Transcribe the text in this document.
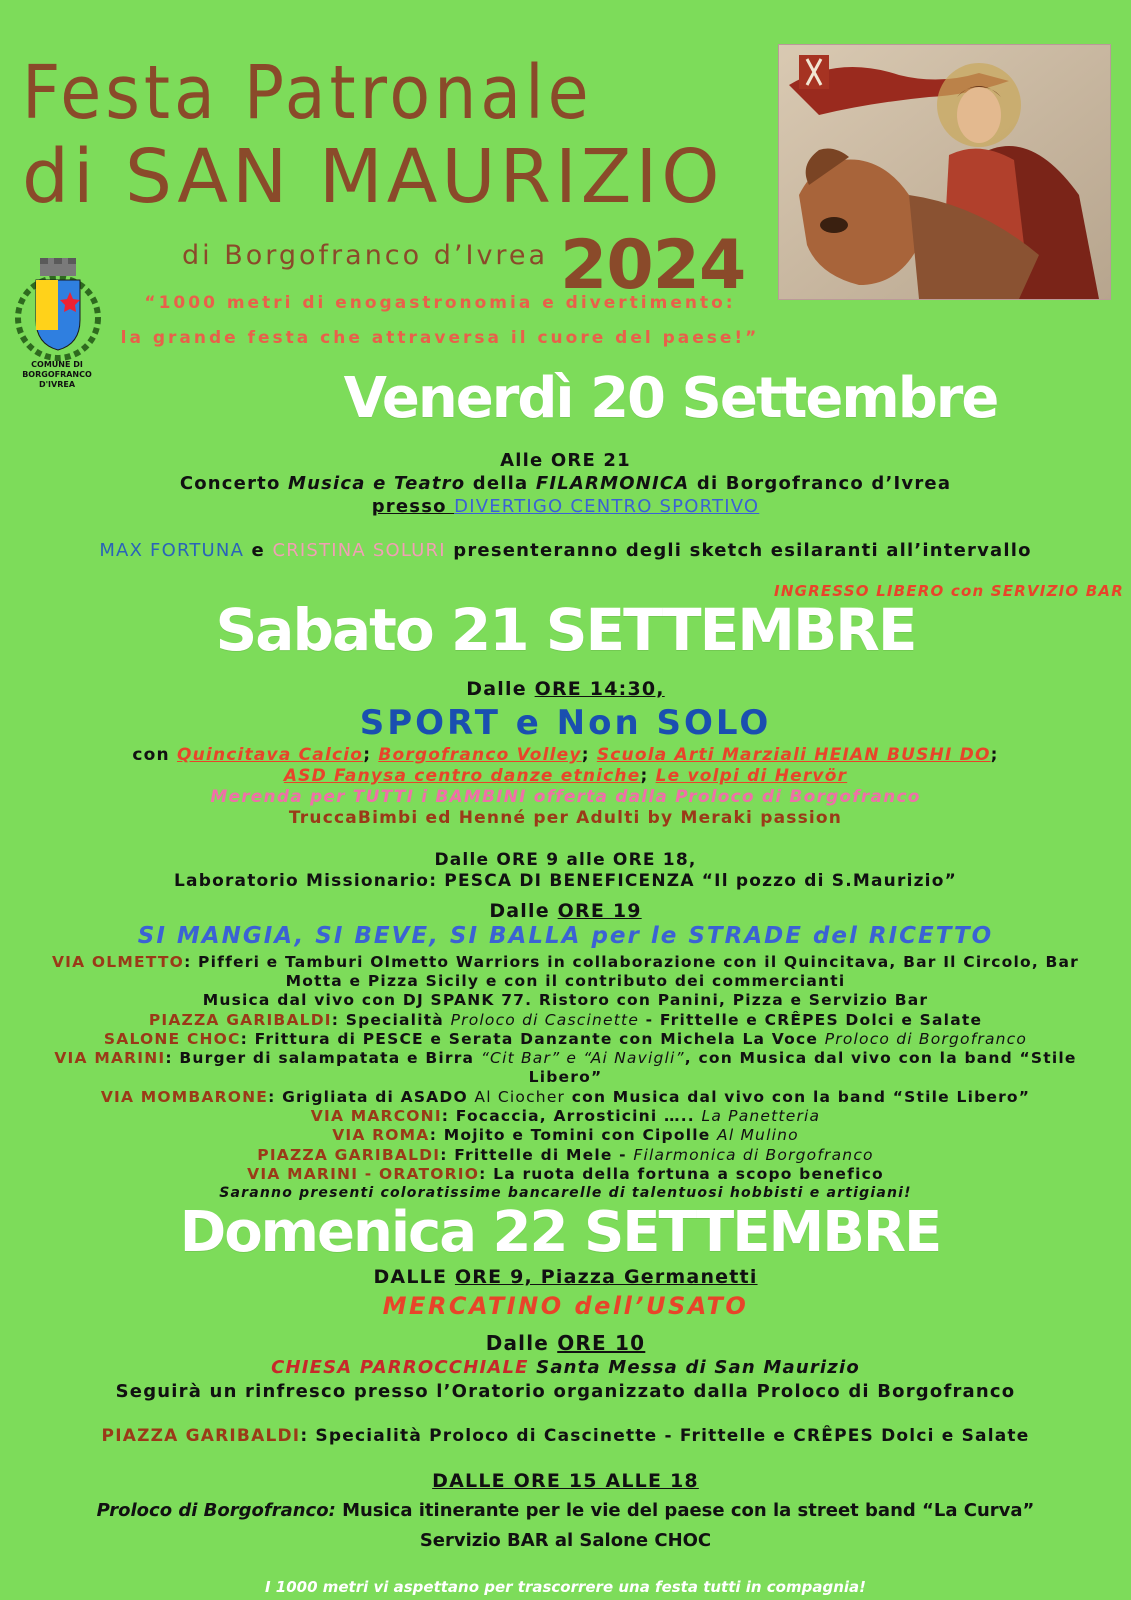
Festa Patronale
di SAN MAURIZIO
di Borgofranco d’Ivrea 2024
“1000 metri di enogastronomia e divertimento:
la grande festa che attraversa il cuore del paese!”
COMUNE DI
BORGOFRANCO D'IVREA	Venerdì 20 Settembre
Alle ORE 21
Concerto Musica e Teatro della FILARMONICA di Borgofranco d’Ivrea
presso DIVERTIGO CENTRO SPORTIVO
MAX FORTUNA e CRISTINA SOLURI presenteranno degli sketch esilaranti all’intervallo
INGRESSO LIBERO con SERVIZIO BAR
Sabato 21 SETTEMBRE
Dalle ORE 14:30,
SPORT e Non SOLO
con Quincitava Calcio; Borgofranco Volley; Scuola Arti Marziali HEIAN BUSHI DO;
ASD Fanysa centro danze etniche; Le volpi di Hervör
Merenda per TUTTI i BAMBINI offerta dalla Proloco di Borgofranco
TruccaBimbi ed Henné per Adulti by Meraki passion
Dalle ORE 9 alle ORE 18,
Laboratorio Missionario: PESCA DI BENEFICENZA “Il pozzo di S.Maurizio”
Dalle ORE 19
SI MANGIA, SI BEVE, SI BALLA per le STRADE del RICETTO
VIA OLMETTO: Pifferi e Tamburi Olmetto Warriors in collaborazione con il Quincitava, Bar Il Circolo, Bar
Motta e Pizza Sicily e con il contributo dei commercianti
Musica dal vivo con DJ SPANK 77. Ristoro con Panini, Pizza e Servizio Bar
PIAZZA GARIBALDI: Specialità Proloco di Cascinette - Frittelle e CRÊPES Dolci e Salate
SALONE CHOC: Frittura di PESCE e Serata Danzante con Michela La Voce Proloco di Borgofranco
VIA MARINI: Burger di salampatata e Birra “Cit Bar” e “Ai Navigli”, con Musica dal vivo con la band “Stile
Libero”
VIA MOMBARONE: Grigliata di ASADO Al Ciocher con Musica dal vivo con la band “Stile Libero”
VIA MARCONI: Focaccia, Arrosticini ….. La Panetteria
VIA ROMA: Mojito e Tomini con Cipolle Al Mulino
PIAZZA GARIBALDI: Frittelle di Mele - Filarmonica di Borgofranco
VIA MARINI - ORATORIO: La ruota della fortuna a scopo benefico
Saranno presenti coloratissime bancarelle di talentuosi hobbisti e artigiani!
Domenica 22 SETTEMBRE
DALLE ORE 9, Piazza Germanetti
MERCATINO dell’USATO
Dalle ORE 10
CHIESA PARROCCHIALE Santa Messa di San Maurizio
Seguirà un rinfresco presso l’Oratorio organizzato dalla Proloco di Borgofranco
PIAZZA GARIBALDI: Specialità Proloco di Cascinette - Frittelle e CRÊPES Dolci e Salate
DALLE ORE 15 ALLE 18
Proloco di Borgofranco: Musica itinerante per le vie del paese con la street band “La Curva”
Servizio BAR al Salone CHOC
I 1000 metri vi aspettano per trascorrere una festa tutti in compagnia!
